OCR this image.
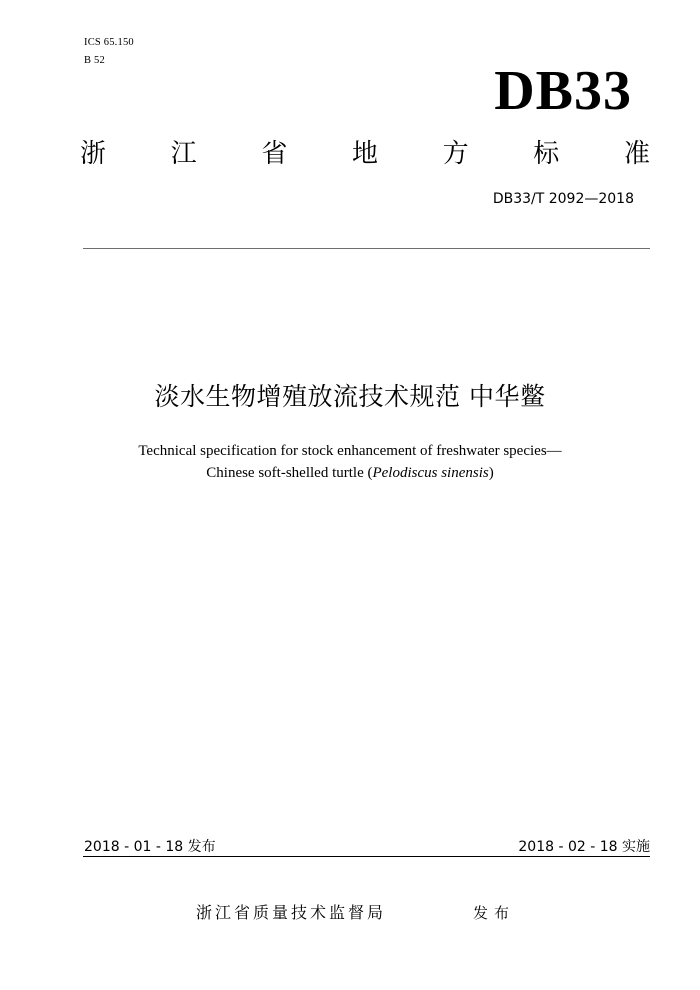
ICS 65.150
B 52	DB33
浙 江 省 地 方 标 准
DB33/T 2092—2018
淡水生物增殖放流技术规范 中华鳖
Technical specification for stock enhancement of freshwater species—
Chinese soft-shelled turtle (Pelodiscus sinensis)
2018 - 01 - 18 发布	2018 - 02 - 18 实施
浙江省质量技术监督局	发布
